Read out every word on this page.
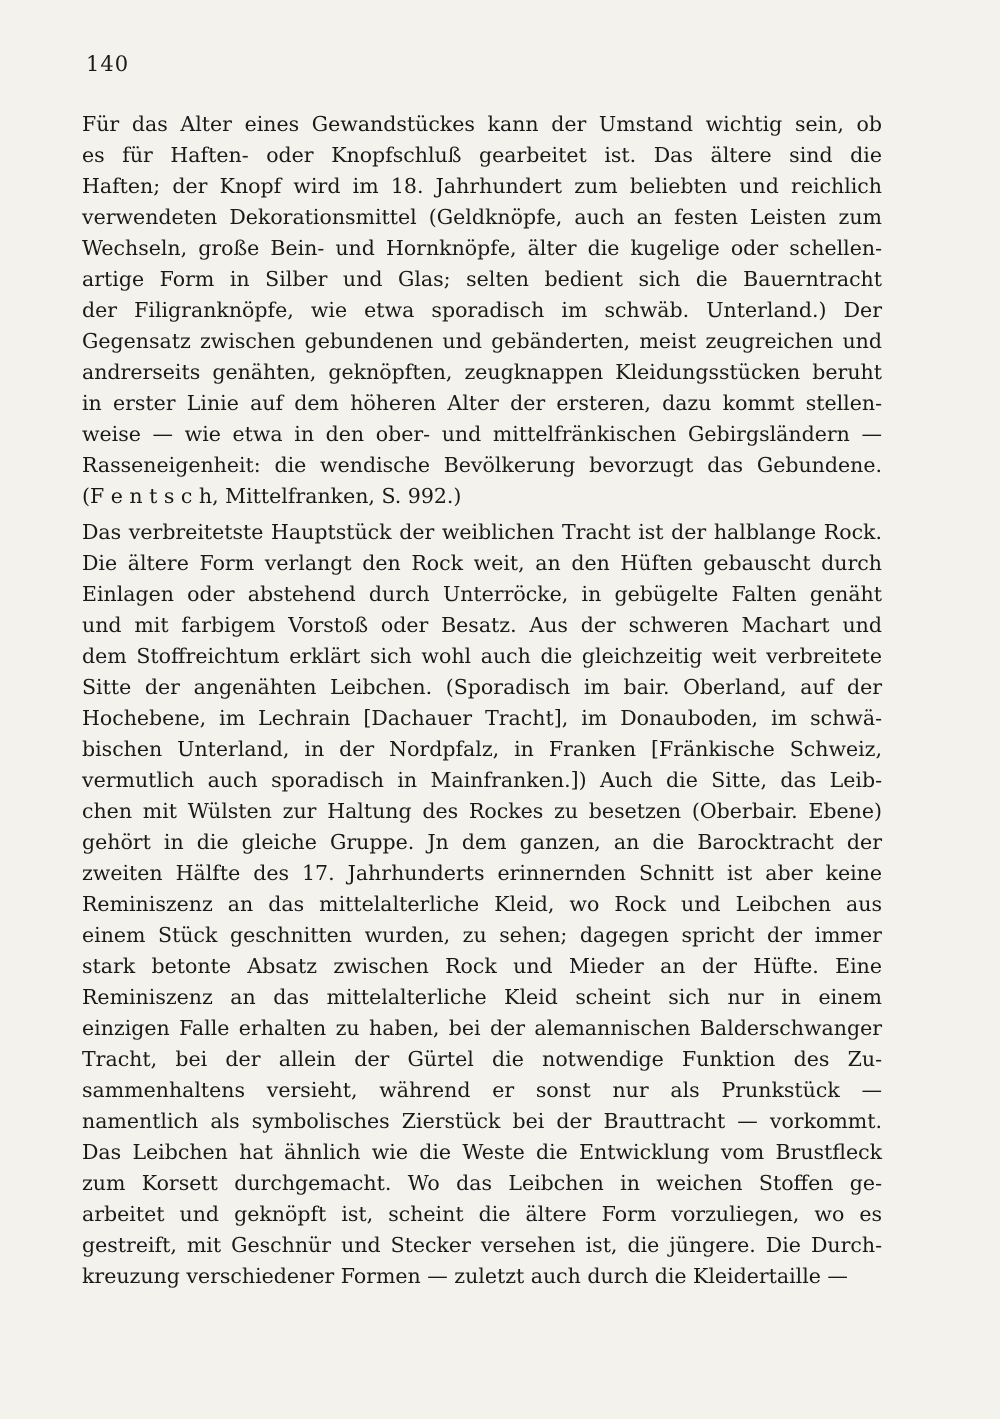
140
Für das Alter eines Gewandstückes kann der Umstand wichtig sein, ob
es für Haften- oder Knopfschluß gearbeitet ist. Das ältere sind die
Haften; der Knopf wird im 18. Jahrhundert zum beliebten und reichlich
verwendeten Dekorationsmittel (Geldknöpfe, auch an festen Leisten zum
Wechseln, große Bein- und Hornknöpfe, älter die kugelige oder schellen-
artige Form in Silber und Glas; selten bedient sich die Bauerntracht
der Filigranknöpfe, wie etwa sporadisch im schwäb. Unterland.) Der
Gegensatz zwischen gebundenen und gebänderten, meist zeugreichen und
andrerseits genähten, geknöpften, zeugknappen Kleidungsstücken beruht
in erster Linie auf dem höheren Alter der ersteren, dazu kommt stellen-
weise — wie etwa in den ober- und mittelfränkischen Gebirgsländern —
Rasseneigenheit: die wendische Bevölkerung bevorzugt das Gebundene.
(F e n t s c h, Mittelfranken, S. 992.)
Das verbreitetste Hauptstück der weiblichen Tracht ist der halblange Rock.
Die ältere Form verlangt den Rock weit, an den Hüften gebauscht durch
Einlagen oder abstehend durch Unterröcke, in gebügelte Falten genäht
und mit farbigem Vorstoß oder Besatz. Aus der schweren Machart und
dem Stoffreichtum erklärt sich wohl auch die gleichzeitig weit verbreitete
Sitte der angenähten Leibchen. (Sporadisch im bair. Oberland, auf der
Hochebene, im Lechrain [Dachauer Tracht], im Donauboden, im schwä-
bischen Unterland, in der Nordpfalz, in Franken [Fränkische Schweiz,
vermutlich auch sporadisch in Mainfranken.]) Auch die Sitte, das Leib-
chen mit Wülsten zur Haltung des Rockes zu besetzen (Oberbair. Ebene)
gehört in die gleiche Gruppe. Jn dem ganzen, an die Barocktracht der
zweiten Hälfte des 17. Jahrhunderts erinnernden Schnitt ist aber keine
Reminiszenz an das mittelalterliche Kleid, wo Rock und Leibchen aus
einem Stück geschnitten wurden, zu sehen; dagegen spricht der immer
stark betonte Absatz zwischen Rock und Mieder an der Hüfte. Eine
Reminiszenz an das mittelalterliche Kleid scheint sich nur in einem
einzigen Falle erhalten zu haben, bei der alemannischen Balderschwanger
Tracht, bei der allein der Gürtel die notwendige Funktion des Zu-
sammenhaltens versieht, während er sonst nur als Prunkstück —
namentlich als symbolisches Zierstück bei der Brauttracht — vorkommt.
Das Leibchen hat ähnlich wie die Weste die Entwicklung vom Brustfleck
zum Korsett durchgemacht. Wo das Leibchen in weichen Stoffen ge-
arbeitet und geknöpft ist, scheint die ältere Form vorzuliegen, wo es
gestreift, mit Geschnür und Stecker versehen ist, die jüngere. Die Durch-
kreuzung verschiedener Formen — zuletzt auch durch die Kleidertaille —
